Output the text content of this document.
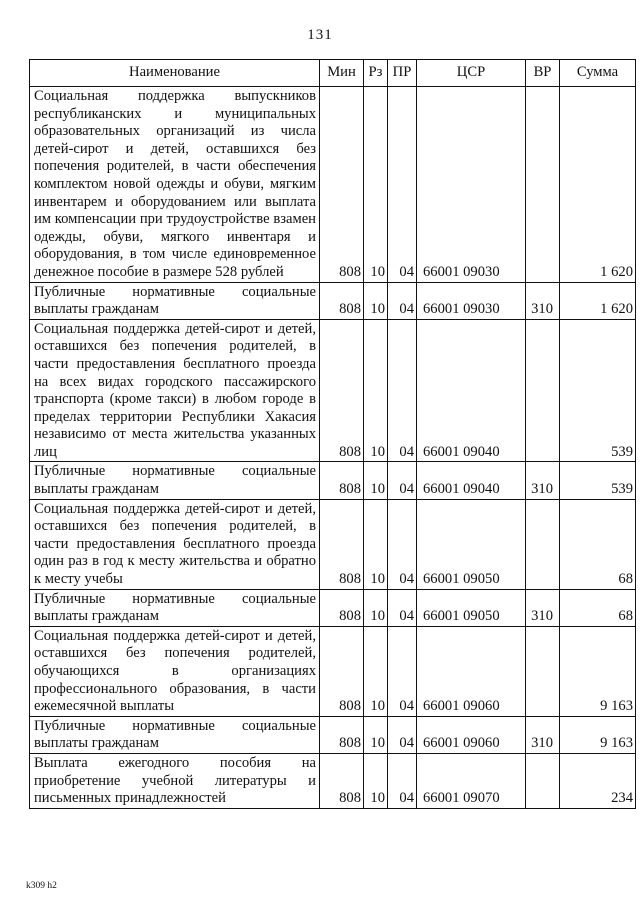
131
Наименование	Мин	Рз	ПР	ЦСР	ВР	Сумма
Социальная поддержка выпускников республиканских и муниципальных образовательных организаций из числа детей-сирот и детей, оставшихся без попечения родителей, в части обеспечения комплектом новой одежды и обуви, мягким инвентарем и оборудованием или выплата им компенсации при трудоустройстве взамен одежды, обуви, мягкого инвентаря и оборудования, в том числе единовременное денежное пособие в размере 528 рублей	808	10	04	66001 09030		1 620
Публичные нормативные социальные выплаты гражданам	808	10	04	66001 09030	310	1 620
Социальная поддержка детей-сирот и детей, оставшихся без попечения родителей, в части предоставления бесплатного проезда на всех видах городского пассажирского транспорта (кроме такси) в любом городе в пределах территории Республики Хакасия независимо от места жительства указанных лиц	808	10	04	66001 09040		539
Публичные нормативные социальные выплаты гражданам	808	10	04	66001 09040	310	539
Социальная поддержка детей-сирот и детей, оставшихся без попечения родителей, в части предоставления бесплатного проезда один раз в год к месту жительства и обратно к месту учебы	808	10	04	66001 09050		68
Публичные нормативные социальные выплаты гражданам	808	10	04	66001 09050	310	68
Социальная поддержка детей-сирот и детей, оставшихся без попечения родителей, обучающихся в организациях профессионального образования, в части ежемесячной выплаты	808	10	04	66001 09060		9 163
Публичные нормативные социальные выплаты гражданам	808	10	04	66001 09060	310	9 163
Выплата ежегодного пособия на приобретение учебной литературы и письменных принадлежностей	808	10	04	66001 09070		234
k309 h2
